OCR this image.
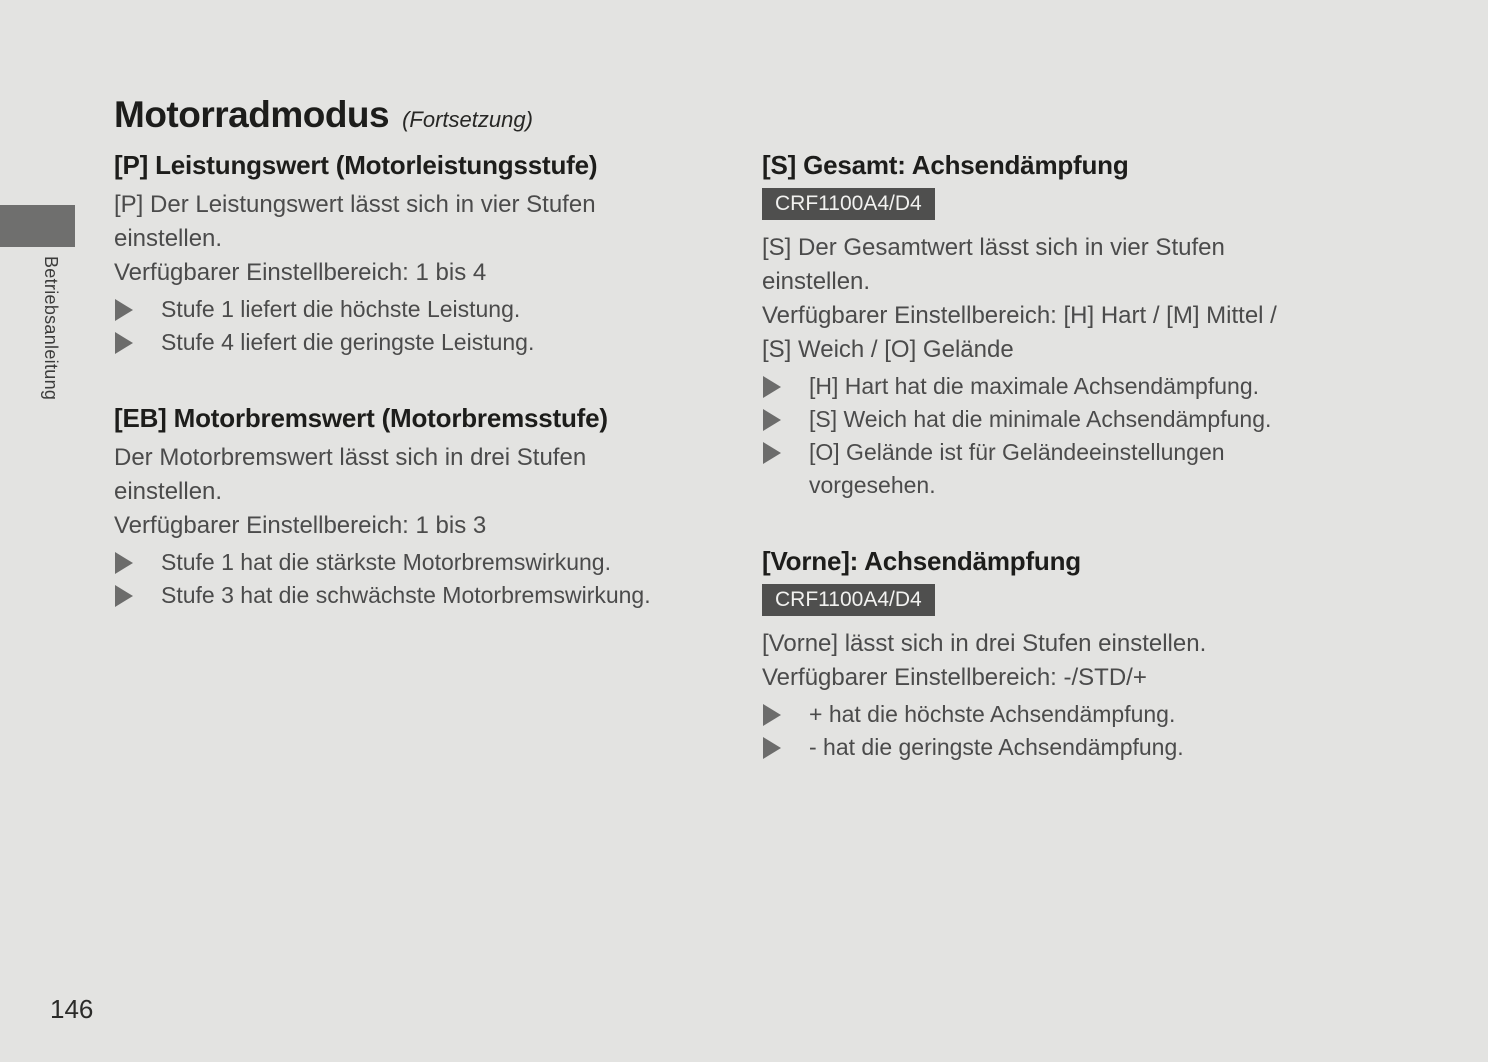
Betriebsanleitung
Motorradmodus (Fortsetzung)
[P] Leistungswert (Motorleistungsstufe)
[P] Der Leistungswert lässt sich in vier Stufen
einstellen.
Verfügbarer Einstellbereich: 1 bis 4
Stufe 1 liefert die höchste Leistung.
Stufe 4 liefert die geringste Leistung.
[EB] Motorbremswert (Motorbremsstufe)
Der Motorbremswert lässt sich in drei Stufen
einstellen.
Verfügbarer Einstellbereich: 1 bis 3
Stufe 1 hat die stärkste Motorbremswirkung.
Stufe 3 hat die schwächste Motorbremswirkung.
[S] Gesamt: Achsendämpfung
CRF1100A4/D4
[S] Der Gesamtwert lässt sich in vier Stufen
einstellen.
Verfügbarer Einstellbereich: [H] Hart / [M] Mittel /
[S] Weich / [O] Gelände
[H] Hart hat die maximale Achsendämpfung.
[S] Weich hat die minimale Achsendämpfung.
[O] Gelände ist für Geländeeinstellungen
vorgesehen.
[Vorne]: Achsendämpfung
CRF1100A4/D4
[Vorne] lässt sich in drei Stufen einstellen.
Verfügbarer Einstellbereich: -/STD/+
+ hat die höchste Achsendämpfung.
- hat die geringste Achsendämpfung.
146
